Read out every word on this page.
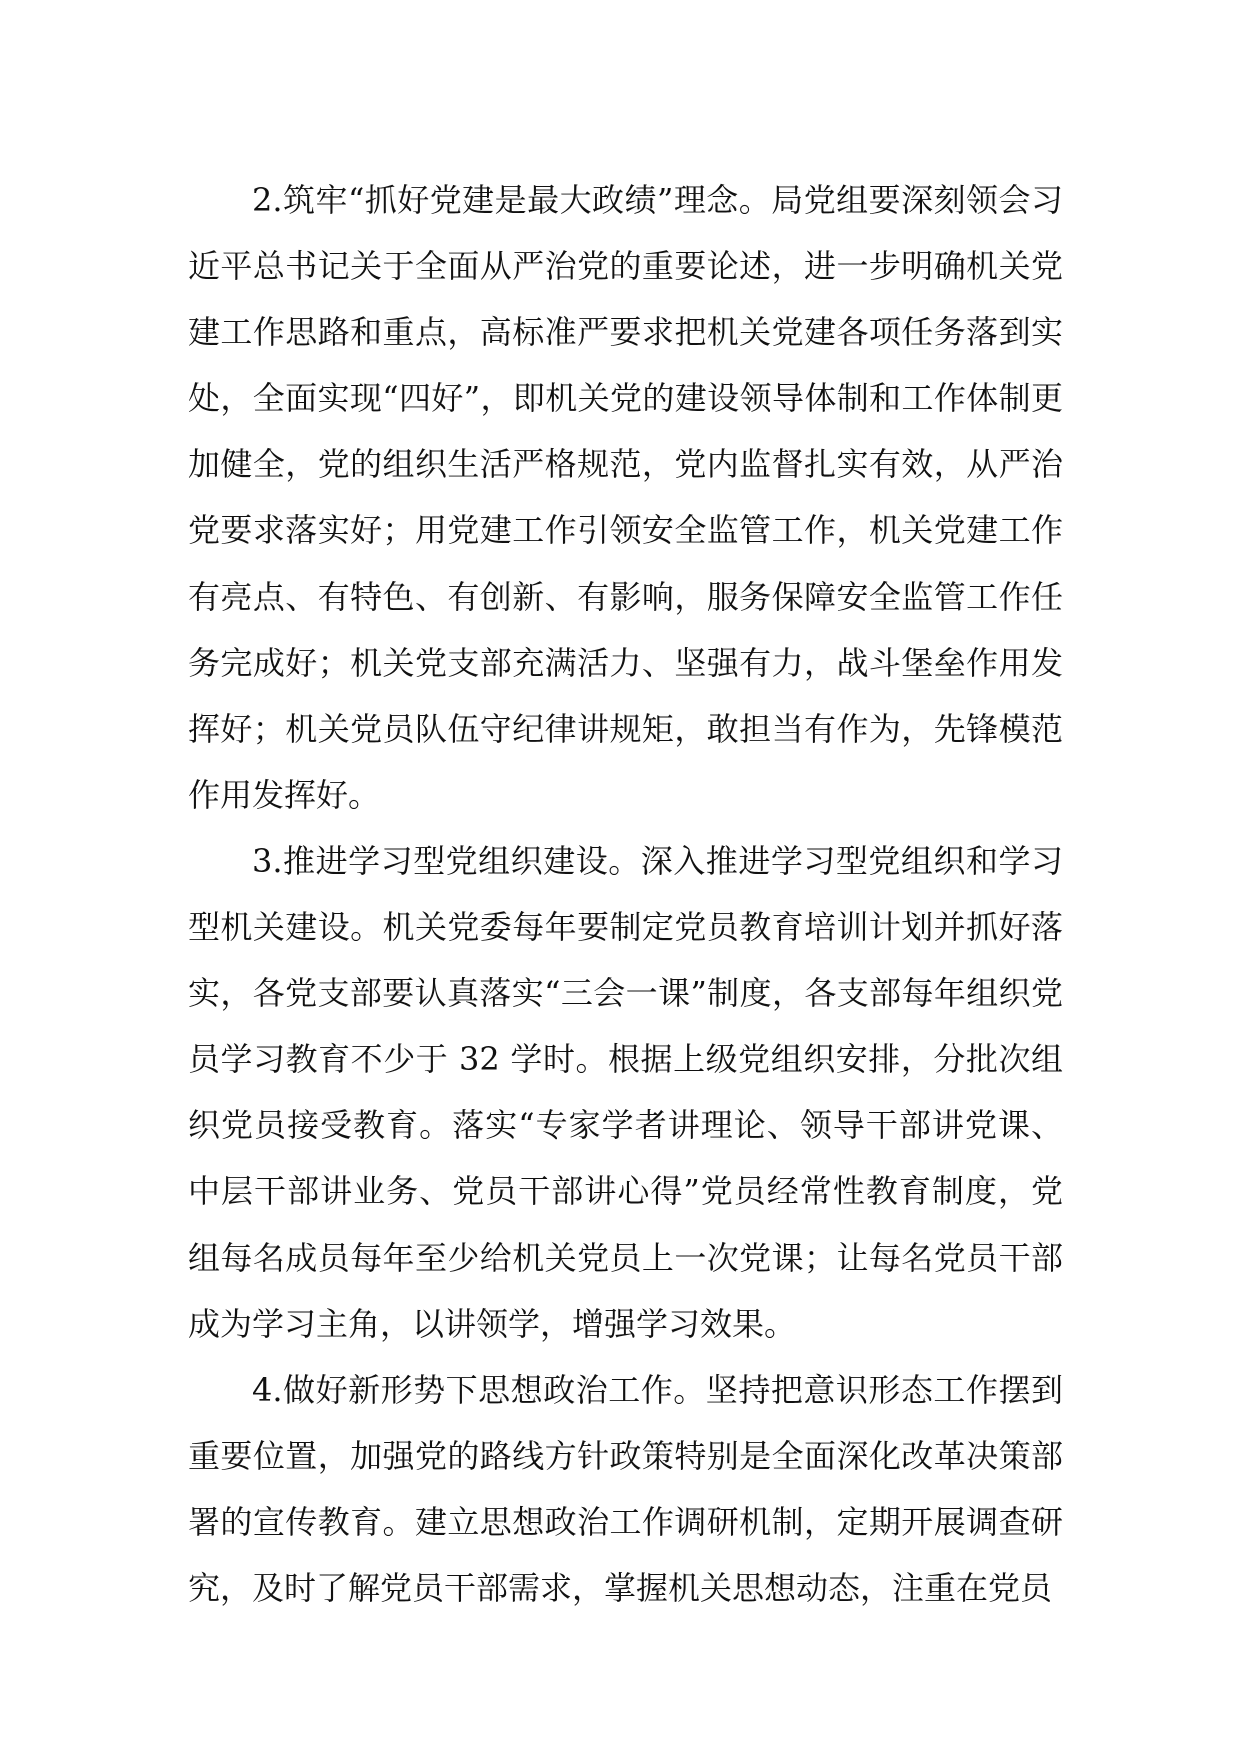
2.筑牢“抓好党建是最大政绩”理念。局党组要深刻领会习近平总书记关于全面从严治党的重要论述，进一步明确机关党建工作思路和重点，高标准严要求把机关党建各项任务落到实处，全面实现“四好”，即机关党的建设领导体制和工作体制更加健全，党的组织生活严格规范，党内监督扎实有效，从严治党要求落实好；用党建工作引领安全监管工作，机关党建工作有亮点、有特色、有创新、有影响，服务保障安全监管工作任务完成好；机关党支部充满活力、坚强有力，战斗堡垒作用发挥好；机关党员队伍守纪律讲规矩，敢担当有作为，先锋模范作用发挥好。

3.推进学习型党组织建设。深入推进学习型党组织和学习型机关建设。机关党委每年要制定党员教育培训计划并抓好落实，各党支部要认真落实“三会一课”制度，各支部每年组织党员学习教育不少于 32 学时。根据上级党组织安排，分批次组织党员接受教育。落实“专家学者讲理论、领导干部讲党课、中层干部讲业务、党员干部讲心得”党员经常性教育制度，党组每名成员每年至少给机关党员上一次党课；让每名党员干部成为学习主角，以讲领学，增强学习效果。

4.做好新形势下思想政治工作。坚持把意识形态工作摆到重要位置，加强党的路线方针政策特别是全面深化改革决策部署的宣传教育。建立思想政治工作调研机制，定期开展调查研究，及时了解党员干部需求，掌握机关思想动态，注重在党员
